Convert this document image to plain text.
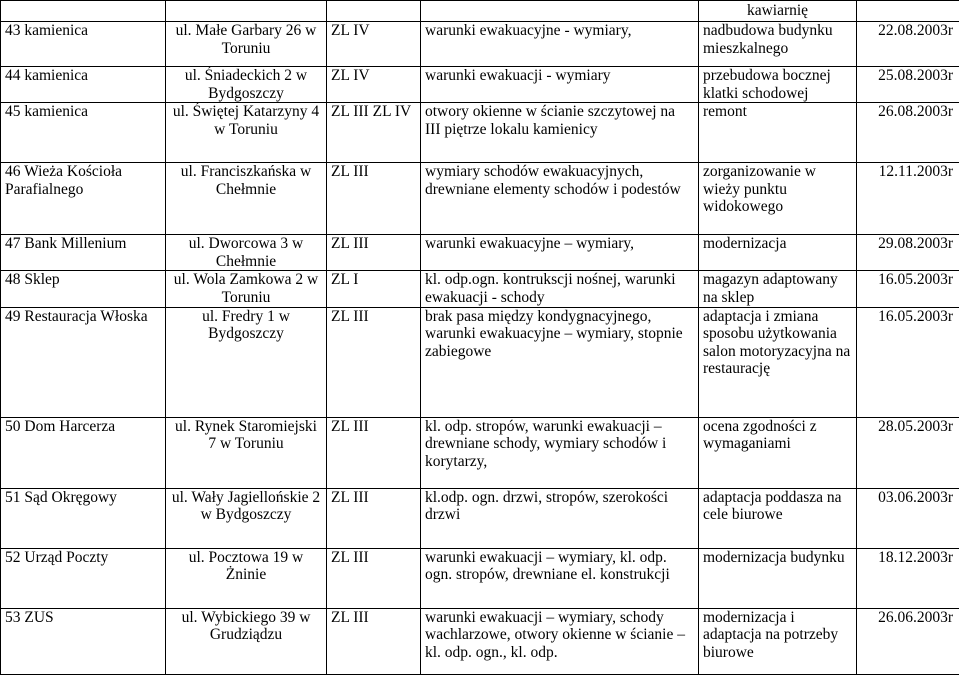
				kawiarnię	
43 kamienica	ul. Małe Garbary 26 w Toruniu	ZL IV	warunki ewakuacyjne - wymiary,	nadbudowa budynku mieszkalnego	22.08.2003r
44 kamienica	ul. Śniadeckich 2 w Bydgoszczy	ZL IV	warunki ewakuacji - wymiary	przebudowa bocznej klatki schodowej	25.08.2003r
45 kamienica	ul. Świętej Katarzyny 4 w Toruniu	ZL III ZL IV	otwory okienne w ścianie szczytowej na III piętrze lokalu kamienicy	remont	26.08.2003r
46 Wieża Kościoła Parafialnego	ul. Franciszkańska w Chełmnie	ZL III	wymiary schodów ewakuacyjnych, drewniane elementy schodów i podestów	zorganizowanie w wieży punktu widokowego	12.11.2003r
47 Bank Millenium	ul. Dworcowa 3 w Chełmnie	ZL III	warunki ewakuacyjne – wymiary,	modernizacja	29.08.2003r
48 Sklep	ul. Wola Zamkowa 2 w Toruniu	ZL I	kl. odp.ogn. kontrukscji nośnej, warunki ewakuacji - schody	magazyn adaptowany na sklep	16.05.2003r
49 Restauracja Włoska	ul. Fredry 1 w Bydgoszczy	ZL III	brak pasa między kondygnacyjnego, warunki ewakuacyjne – wymiary, stopnie zabiegowe	adaptacja i zmiana sposobu użytkowania salon motoryzacyjna na restaurację	16.05.2003r
50 Dom Harcerza	ul. Rynek Staromiejski 7 w Toruniu	ZL III	kl. odp. stropów, warunki ewakuacji – drewniane schody, wymiary schodów i korytarzy,	ocena zgodności z wymaganiami	28.05.2003r
51 Sąd Okręgowy	ul. Wały Jagiellońskie 2 w Bydgoszczy	ZL III	kl.odp. ogn. drzwi, stropów, szerokości drzwi	adaptacja poddasza na cele biurowe	03.06.2003r
52 Urząd Poczty	ul. Pocztowa 19 w Żninie	ZL III	warunki ewakuacji – wymiary, kl. odp. ogn. stropów, drewniane el. konstrukcji	modernizacja budynku	18.12.2003r
53 ZUS	ul. Wybickiego 39 w Grudziądzu	ZL III	warunki ewakuacji – wymiary, schody wachlarzowe, otwory okienne w ścianie – kl. odp. ogn., kl. odp.	modernizacja i adaptacja na potrzeby biurowe	26.06.2003r
